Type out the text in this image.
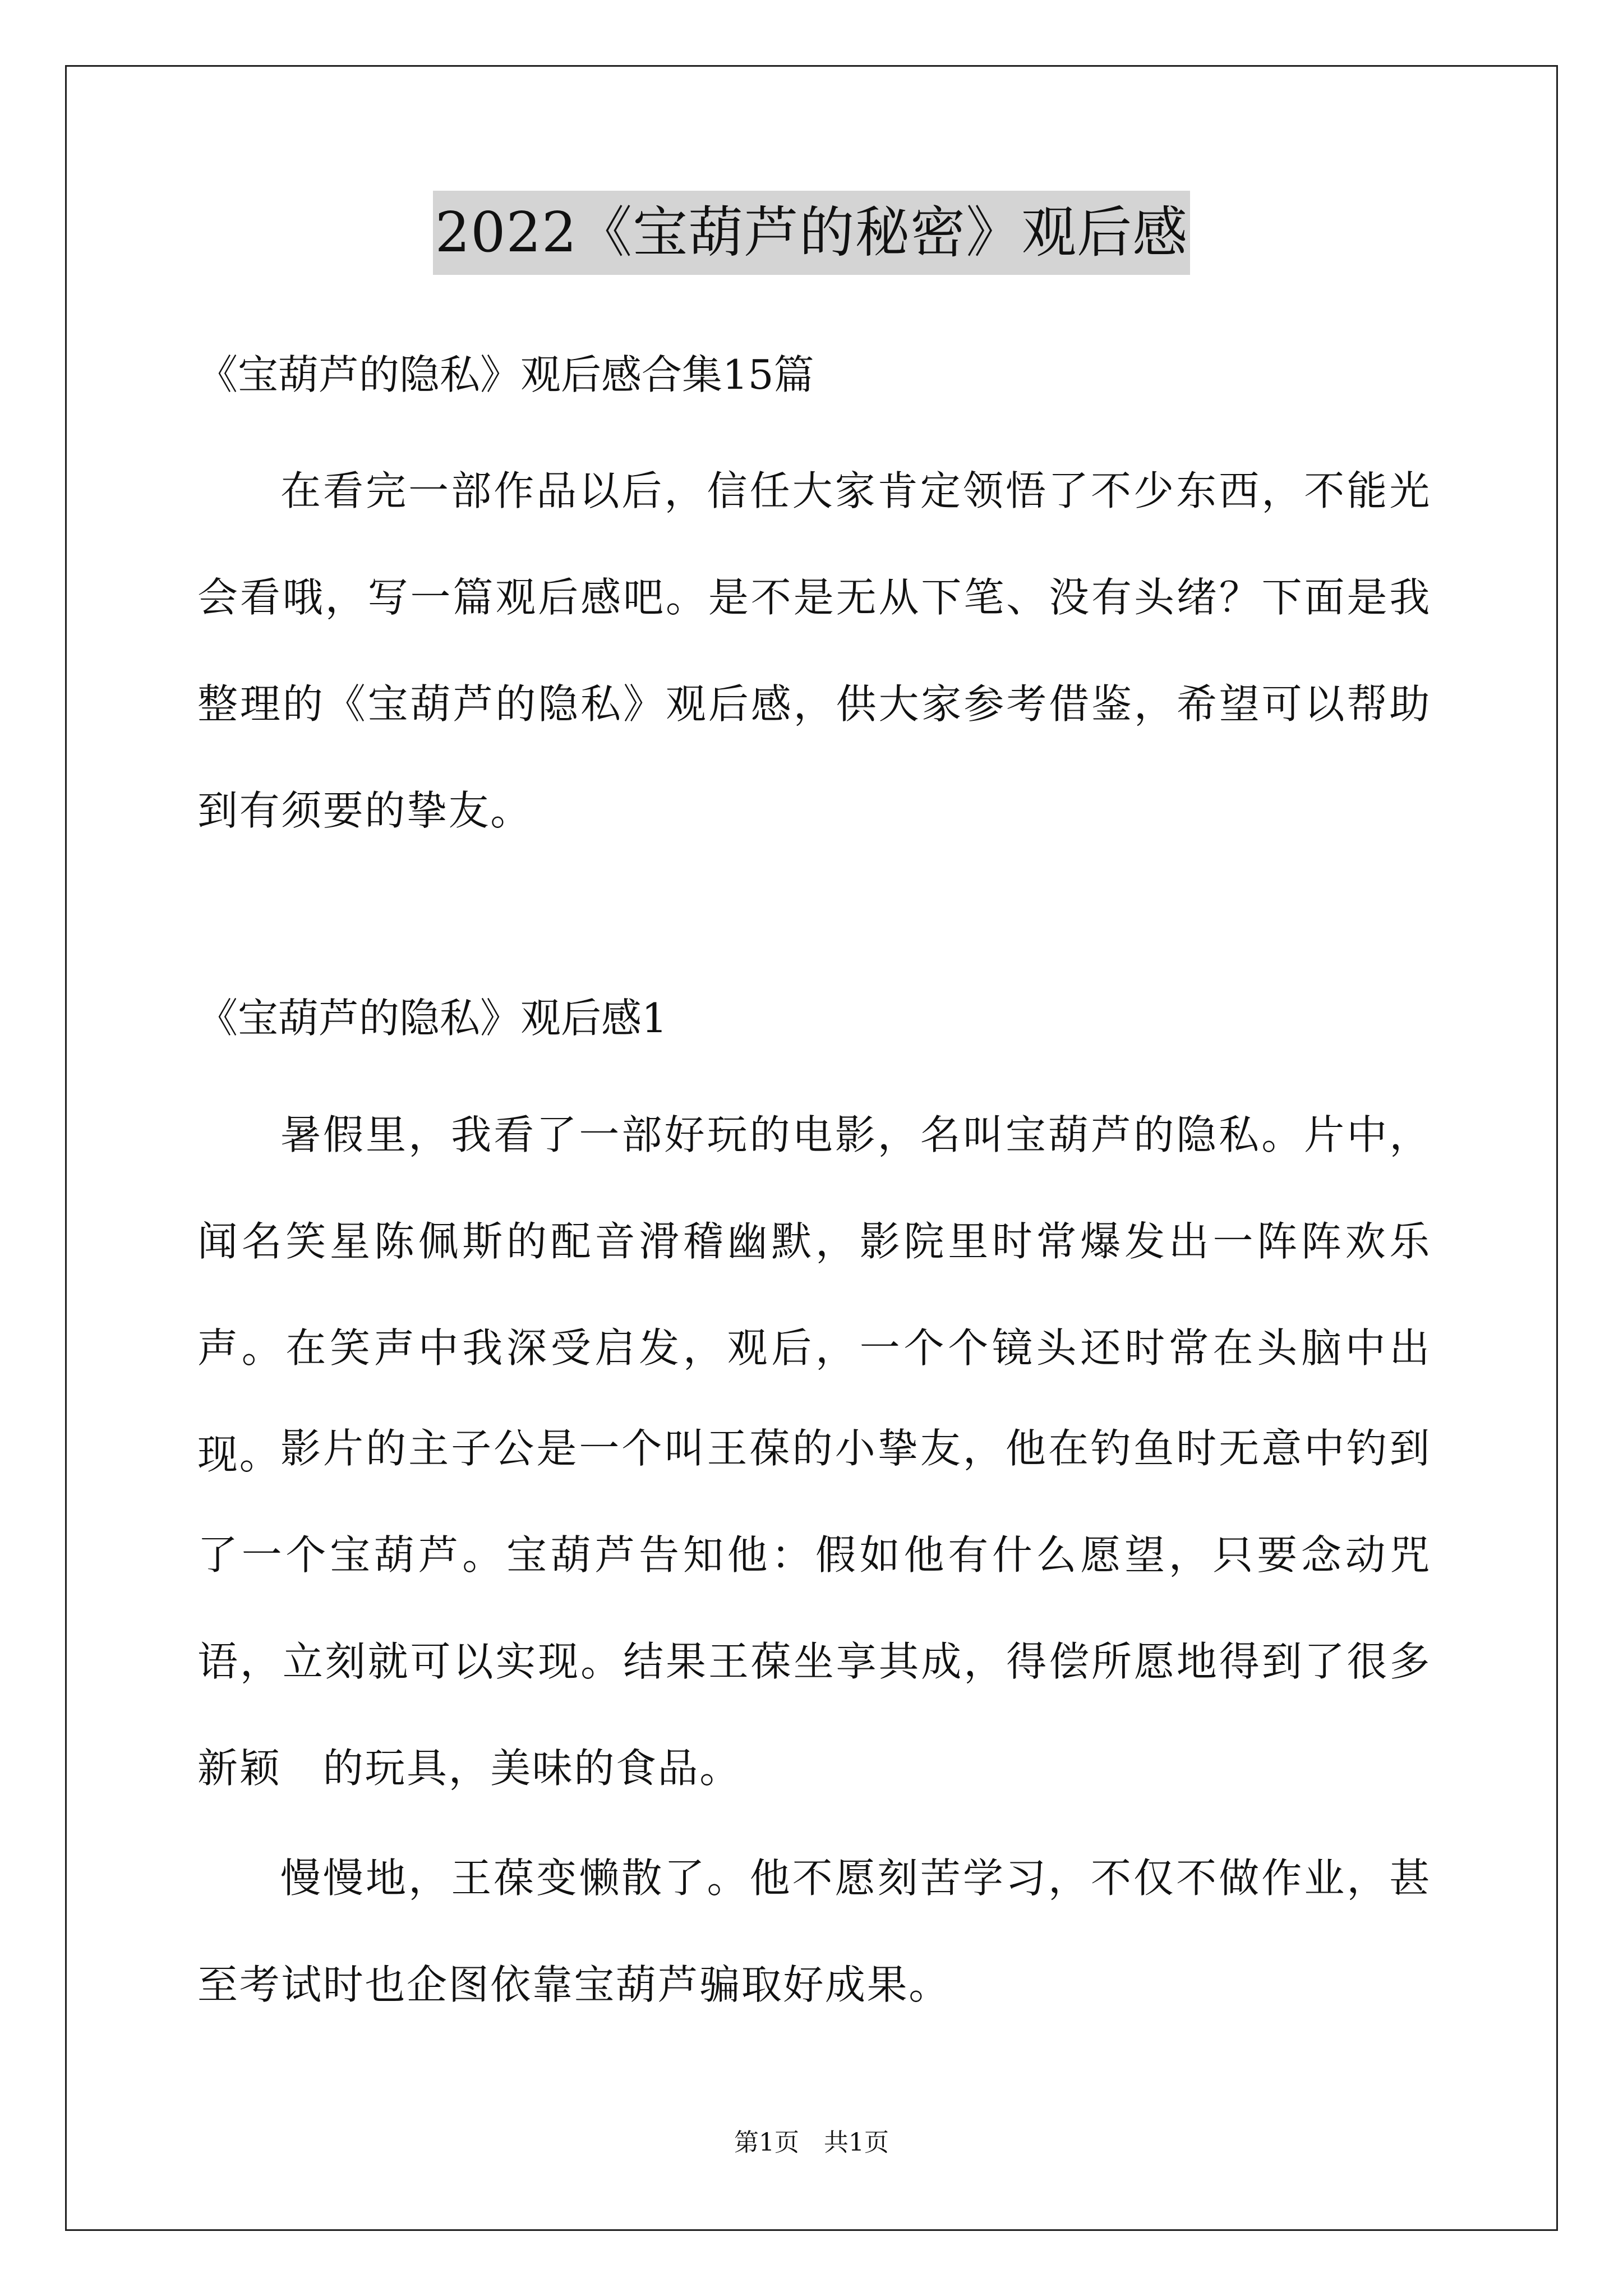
2022《宝葫芦的秘密》观后感
《宝葫芦的隐私》观后感合集15篇
在看完一部作品以后，信任大家肯定领悟了不少东西，不能光会看哦，写一篇观后感吧。是不是无从下笔、没有头绪？下面是我整理的《宝葫芦的隐私》观后感，供大家参考借鉴，希望可以帮助到有须要的挚友。
《宝葫芦的隐私》观后感1
暑假里，我看了一部好玩的电影，名叫宝葫芦的隐私。片中，闻名笑星陈佩斯的配音滑稽幽默，影院里时常爆发出一阵阵欢乐声。在笑声中我深受启发，观后，一个个镜头还时常在头脑中出现。
影片的主子公是一个叫王葆的小挚友，他在钓鱼时无意中钓到了一个宝葫芦。宝葫芦告知他：假如他有什么愿望，只要念动咒语，立刻就可以实现。结果王葆坐享其成，得偿所愿地得到了很多新颖　的玩具，美味的食品。
慢慢地，王葆变懒散了。他不愿刻苦学习，不仅不做作业，甚至考试时也企图依靠宝葫芦骗取好成果。
第1页　共1页
